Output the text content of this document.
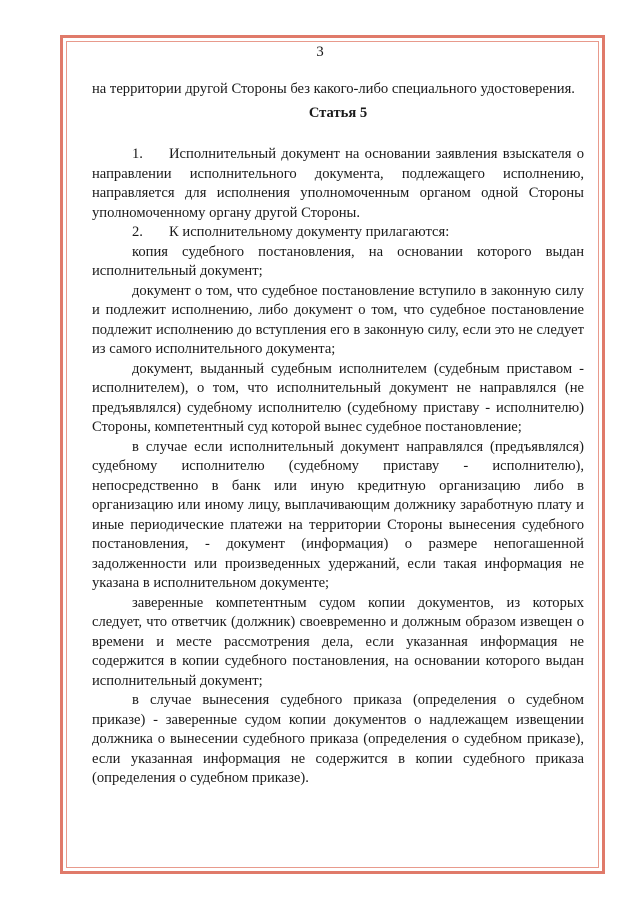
3

на территории другой Стороны без какого-либо специального удостоверения.

Статья 5

1. Исполнительный документ на основании заявления взыскателя о направлении исполнительного документа, подлежащего исполнению, направляется для исполнения уполномоченным органом одной Стороны уполномоченному органу другой Стороны.

2. К исполнительному документу прилагаются:

копия судебного постановления, на основании которого выдан исполнительный документ;

документ о том, что судебное постановление вступило в законную силу и подлежит исполнению, либо документ о том, что судебное постановление подлежит исполнению до вступления его в законную силу, если это не следует из самого исполнительного документа;

документ, выданный судебным исполнителем (судебным приставом - исполнителем), о том, что исполнительный документ не направлялся (не предъявлялся) судебному исполнителю (судебному приставу - исполнителю) Стороны, компетентный суд которой вынес судебное постановление;

в случае если исполнительный документ направлялся (предъявлялся) судебному исполнителю (судебному приставу - исполнителю), непосредственно в банк или иную кредитную организацию либо в организацию или иному лицу, выплачивающим должнику заработную плату и иные периодические платежи на территории Стороны вынесения судебного постановления, - документ (информация) о размере непогашенной задолженности или произведенных удержаний, если такая информация не указана в исполнительном документе;

заверенные компетентным судом копии документов, из которых следует, что ответчик (должник) своевременно и должным образом извещен о времени и месте рассмотрения дела, если указанная информация не содержится в копии судебного постановления, на основании которого выдан исполнительный документ;

в случае вынесения судебного приказа (определения о судебном приказе) - заверенные судом копии документов о надлежащем извещении должника о вынесении судебного приказа (определения о судебном приказе), если указанная информация не содержится в копии судебного приказа (определения о судебном приказе).
